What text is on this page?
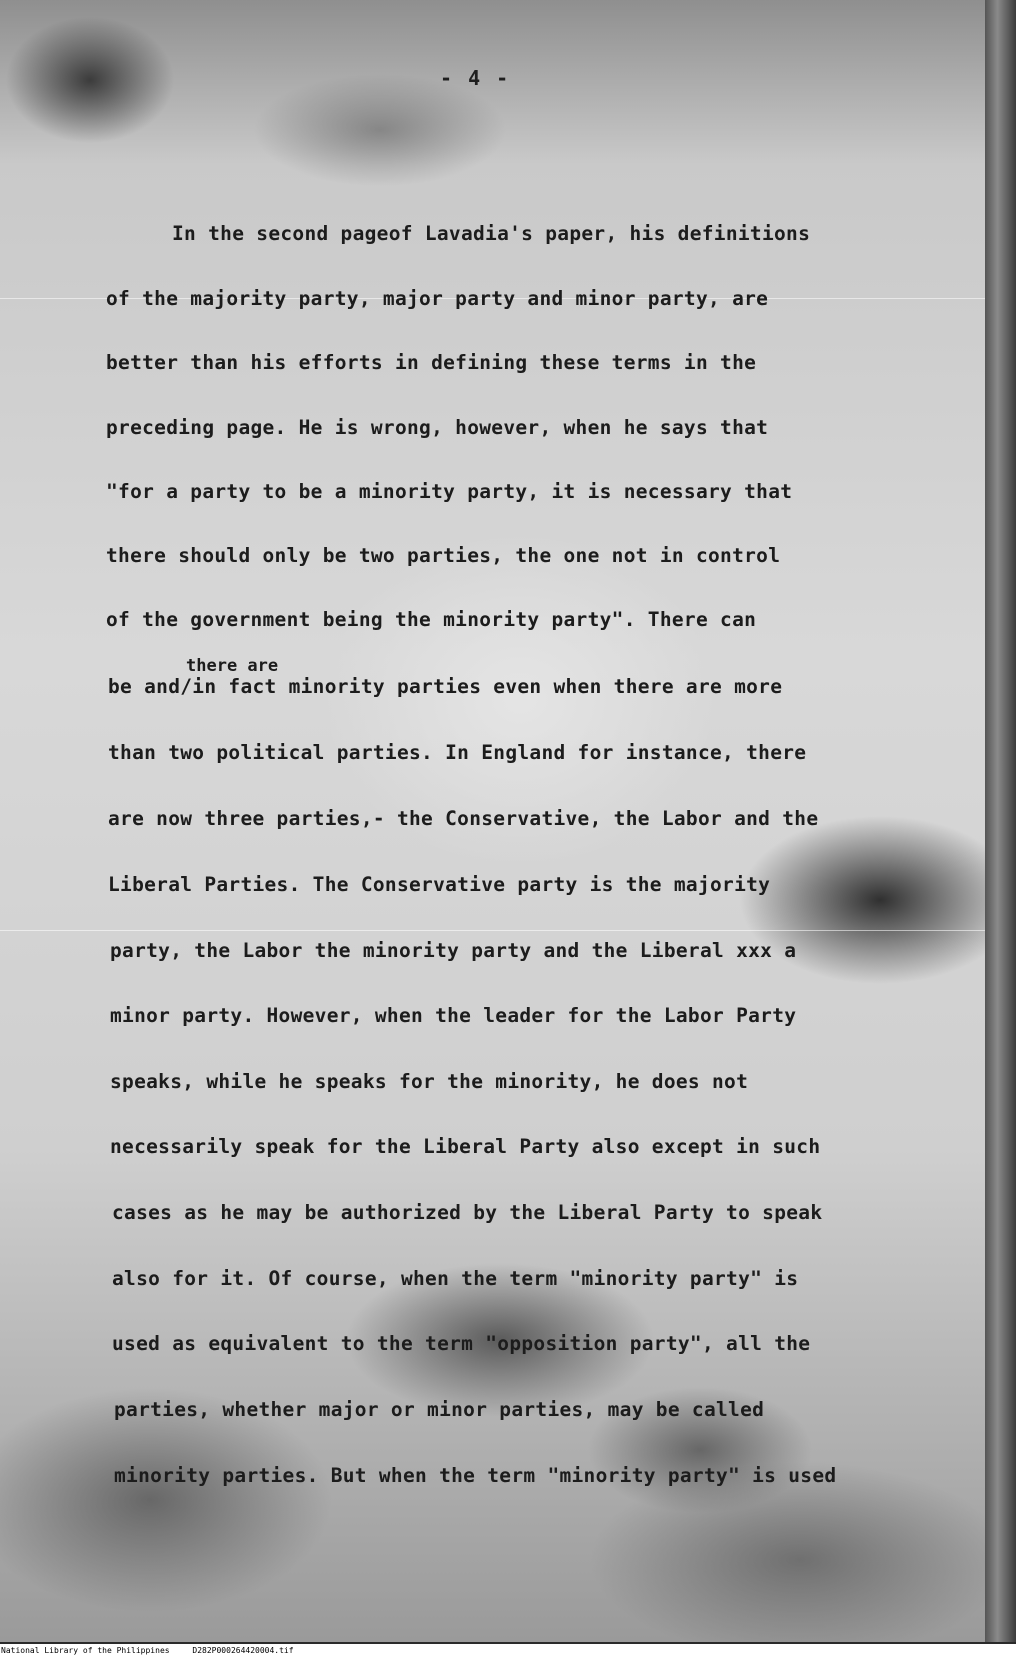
- 4 -
there are
In the second pageof Lavadia's paper, his definitions
of the majority party, major party and minor party, are
better than his efforts in defining these terms in the
preceding page. He is wrong, however, when he says that
"for a party to be a minority party, it is necessary that
there should only be two parties, the one not in control
of the government being the minority party". There can
be and/in fact minority parties even when there are more
than two political parties. In England for instance, there
are now three parties,- the Conservative, the Labor and the
Liberal Parties. The Conservative party is the majority
party, the Labor the minority party and the Liberal xxx a
minor party. However, when the leader for the Labor Party
speaks, while he speaks for the minority, he does not
necessarily speak for the Liberal Party also except in such
cases as he may be authorized by the Liberal Party to speak
also for it. Of course, when the term "minority party" is
used as equivalent to the term "opposition party", all the
parties, whether major or minor parties, may be called
minority parties. But when the term "minority party" is used
National Library of the Philippines	D282P000264420004.tif
